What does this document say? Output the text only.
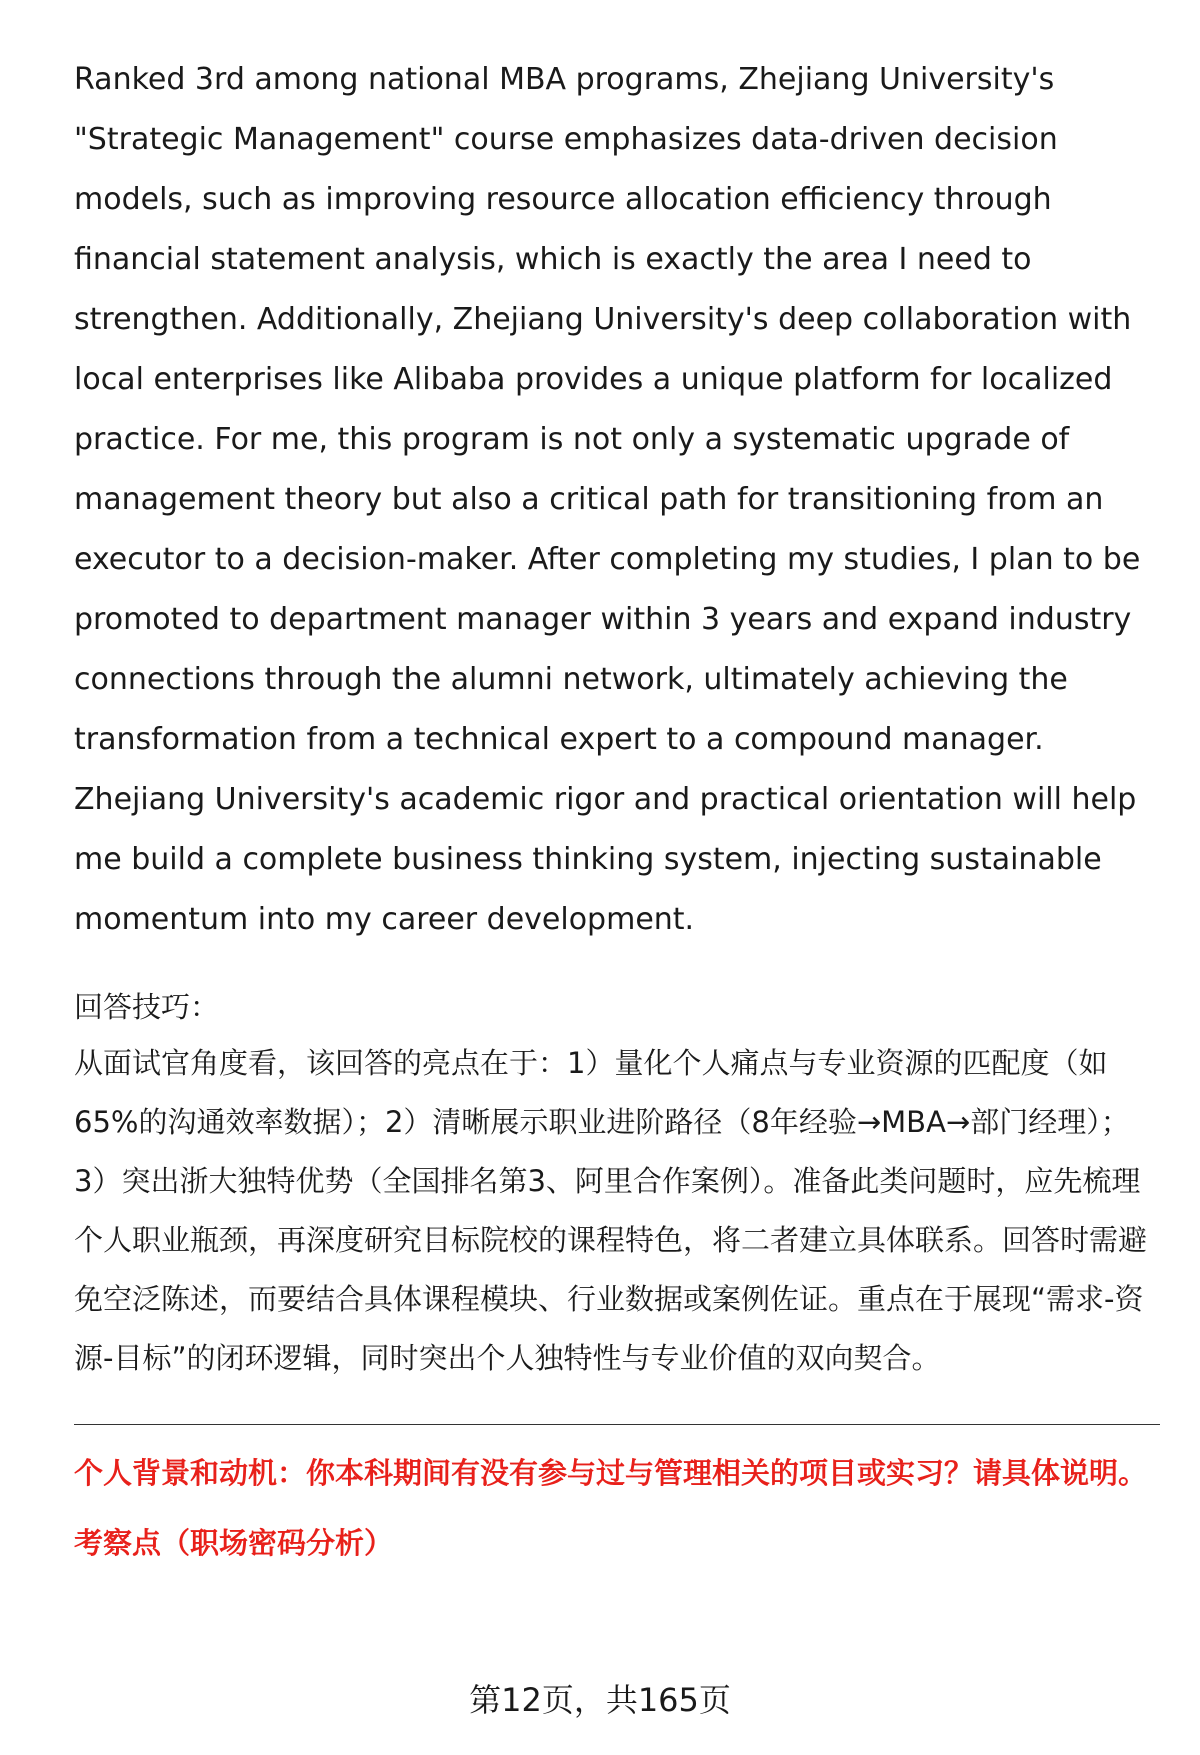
Ranked 3rd among national MBA programs, Zhejiang University's "Strategic Management" course emphasizes data-driven decision models, such as improving resource allocation efficiency through financial statement analysis, which is exactly the area I need to strengthen. Additionally, Zhejiang University's deep collaboration with local enterprises like Alibaba provides a unique platform for localized practice. For me, this program is not only a systematic upgrade of management theory but also a critical path for transitioning from an executor to a decision-maker. After completing my studies, I plan to be promoted to department manager within 3 years and expand industry connections through the alumni network, ultimately achieving the transformation from a technical expert to a compound manager. Zhejiang University's academic rigor and practical orientation will help me build a complete business thinking system, injecting sustainable momentum into my career development.

回答技巧：

从面试官角度看，该回答的亮点在于：1）量化个人痛点与专业资源的匹配度（如65%的沟通效率数据）；2）清晰展示职业进阶路径（8年经验→MBA→部门经理）；3）突出浙大独特优势（全国排名第3、阿里合作案例）。准备此类问题时，应先梳理个人职业瓶颈，再深度研究目标院校的课程特色，将二者建立具体联系。回答时需避免空泛陈述，而要结合具体课程模块、行业数据或案例佐证。重点在于展现“需求-资源-目标”的闭环逻辑，同时突出个人独特性与专业价值的双向契合。

个人背景和动机：你本科期间有没有参与过与管理相关的项目或实习？请具体说明。

考察点（职场密码分析）

第12页，共165页
